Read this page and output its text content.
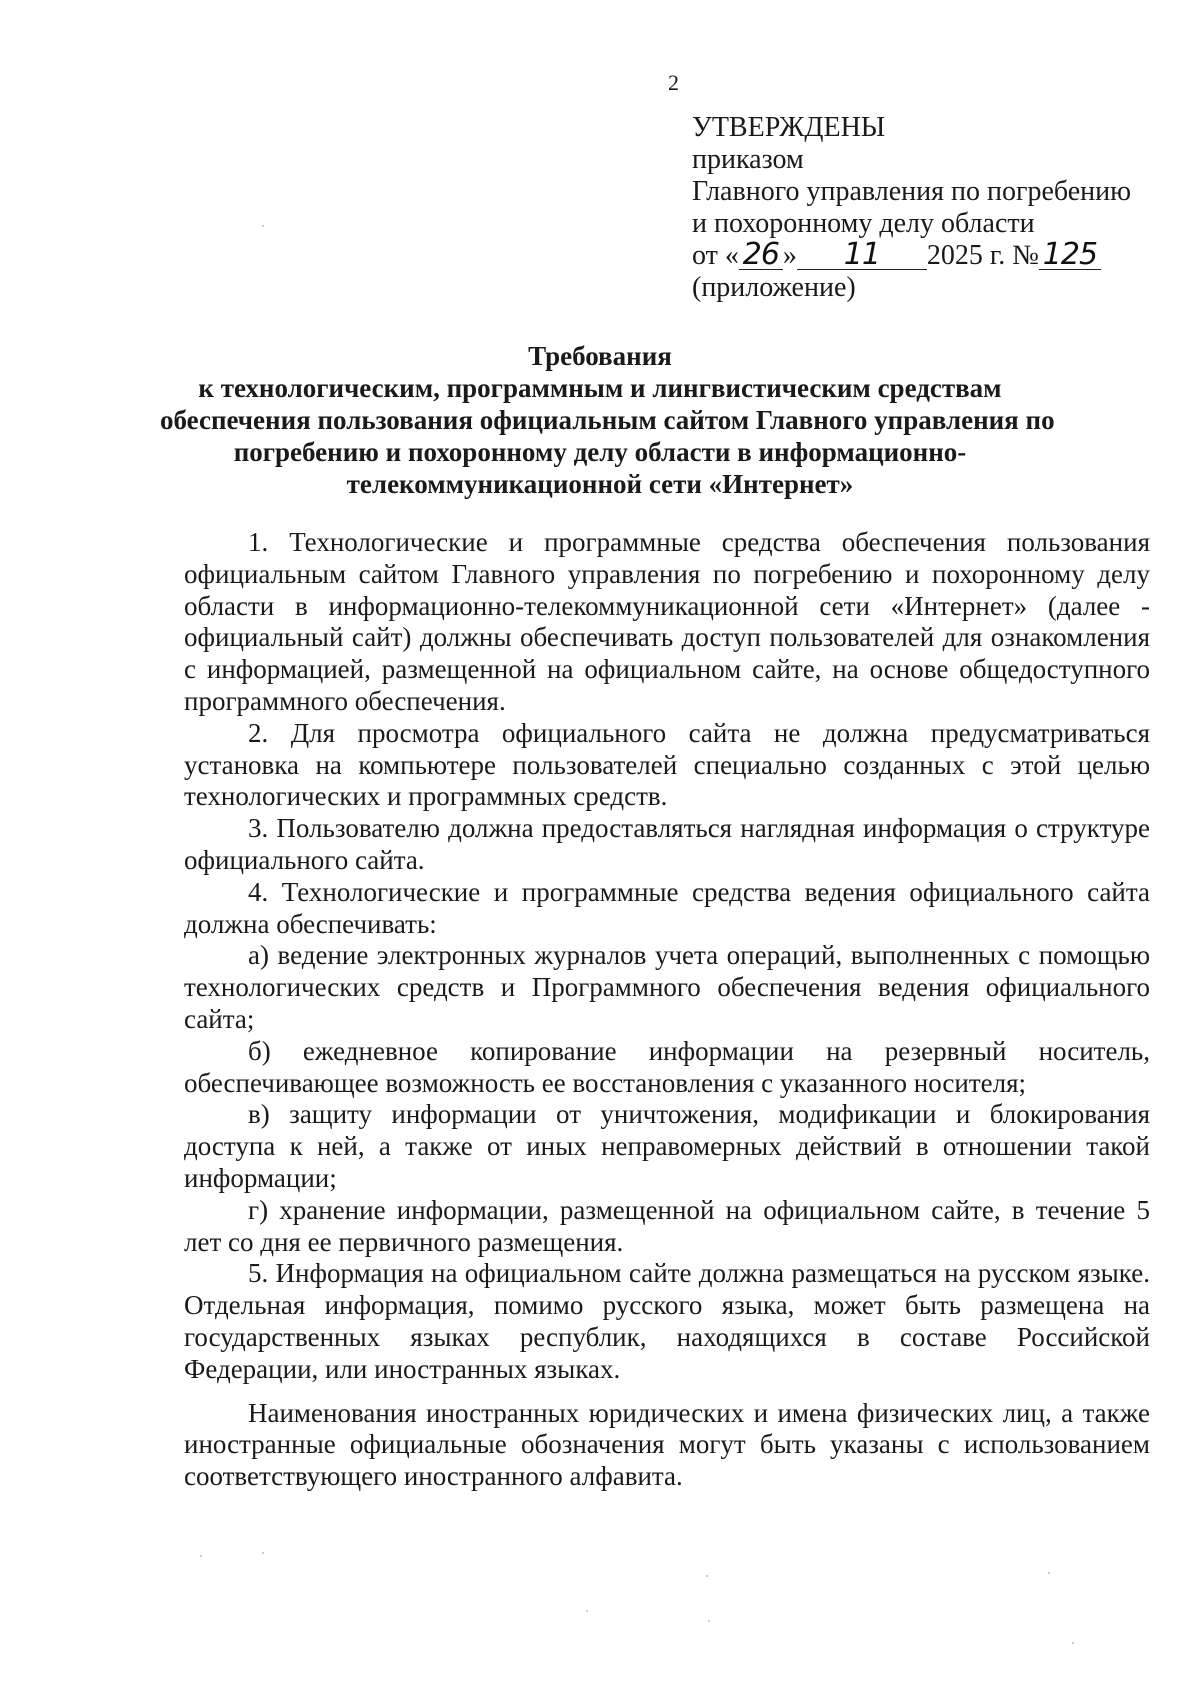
2
УТВЕРЖДЕНЫ
приказом
Главного управления по погребению
и похоронному делу области
от « 26 » 11 2025 г. № 125
(приложение)
Требования
к технологическим, программным и лингвистическим средствам
обеспечения пользования официальным сайтом Главного управления по
погребению и похоронному делу области в информационно-
телекоммуникационной сети «Интернет»

1. Технологические и программные средства обеспечения пользования официальным сайтом Главного управления по погребению и похоронному делу области в информационно-телекоммуникационной сети «Интернет» (далее - официальный сайт) должны обеспечивать доступ пользователей для ознакомления с информацией, размещенной на официальном сайте, на основе общедоступного программного обеспечения.

2. Для просмотра официального сайта не должна предусматриваться установка на компьютере пользователей специально созданных с этой целью технологических и программных средств.

3. Пользователю должна предоставляться наглядная информация о структуре официального сайта.

4. Технологические и программные средства ведения официального сайта должна обеспечивать:

а) ведение электронных журналов учета операций, выполненных с помощью технологических средств и Программного обеспечения ведения официального сайта;

б) ежедневное копирование информации на резервный носитель, обеспечивающее возможность ее восстановления с указанного носителя;

в) защиту информации от уничтожения, модификации и блокирования доступа к ней, а также от иных неправомерных действий в отношении такой информации;

г) хранение информации, размещенной на официальном сайте, в течение 5 лет со дня ее первичного размещения.

5. Информация на официальном сайте должна размещаться на русском языке. Отдельная информация, помимо русского языка, может быть размещена на государственных языках республик, находящихся в составе Российской Федерации, или иностранных языках.

Наименования иностранных юридических и имена физических лиц, а также иностранные официальные обозначения могут быть указаны с использованием соответствующего иностранного алфавита.
